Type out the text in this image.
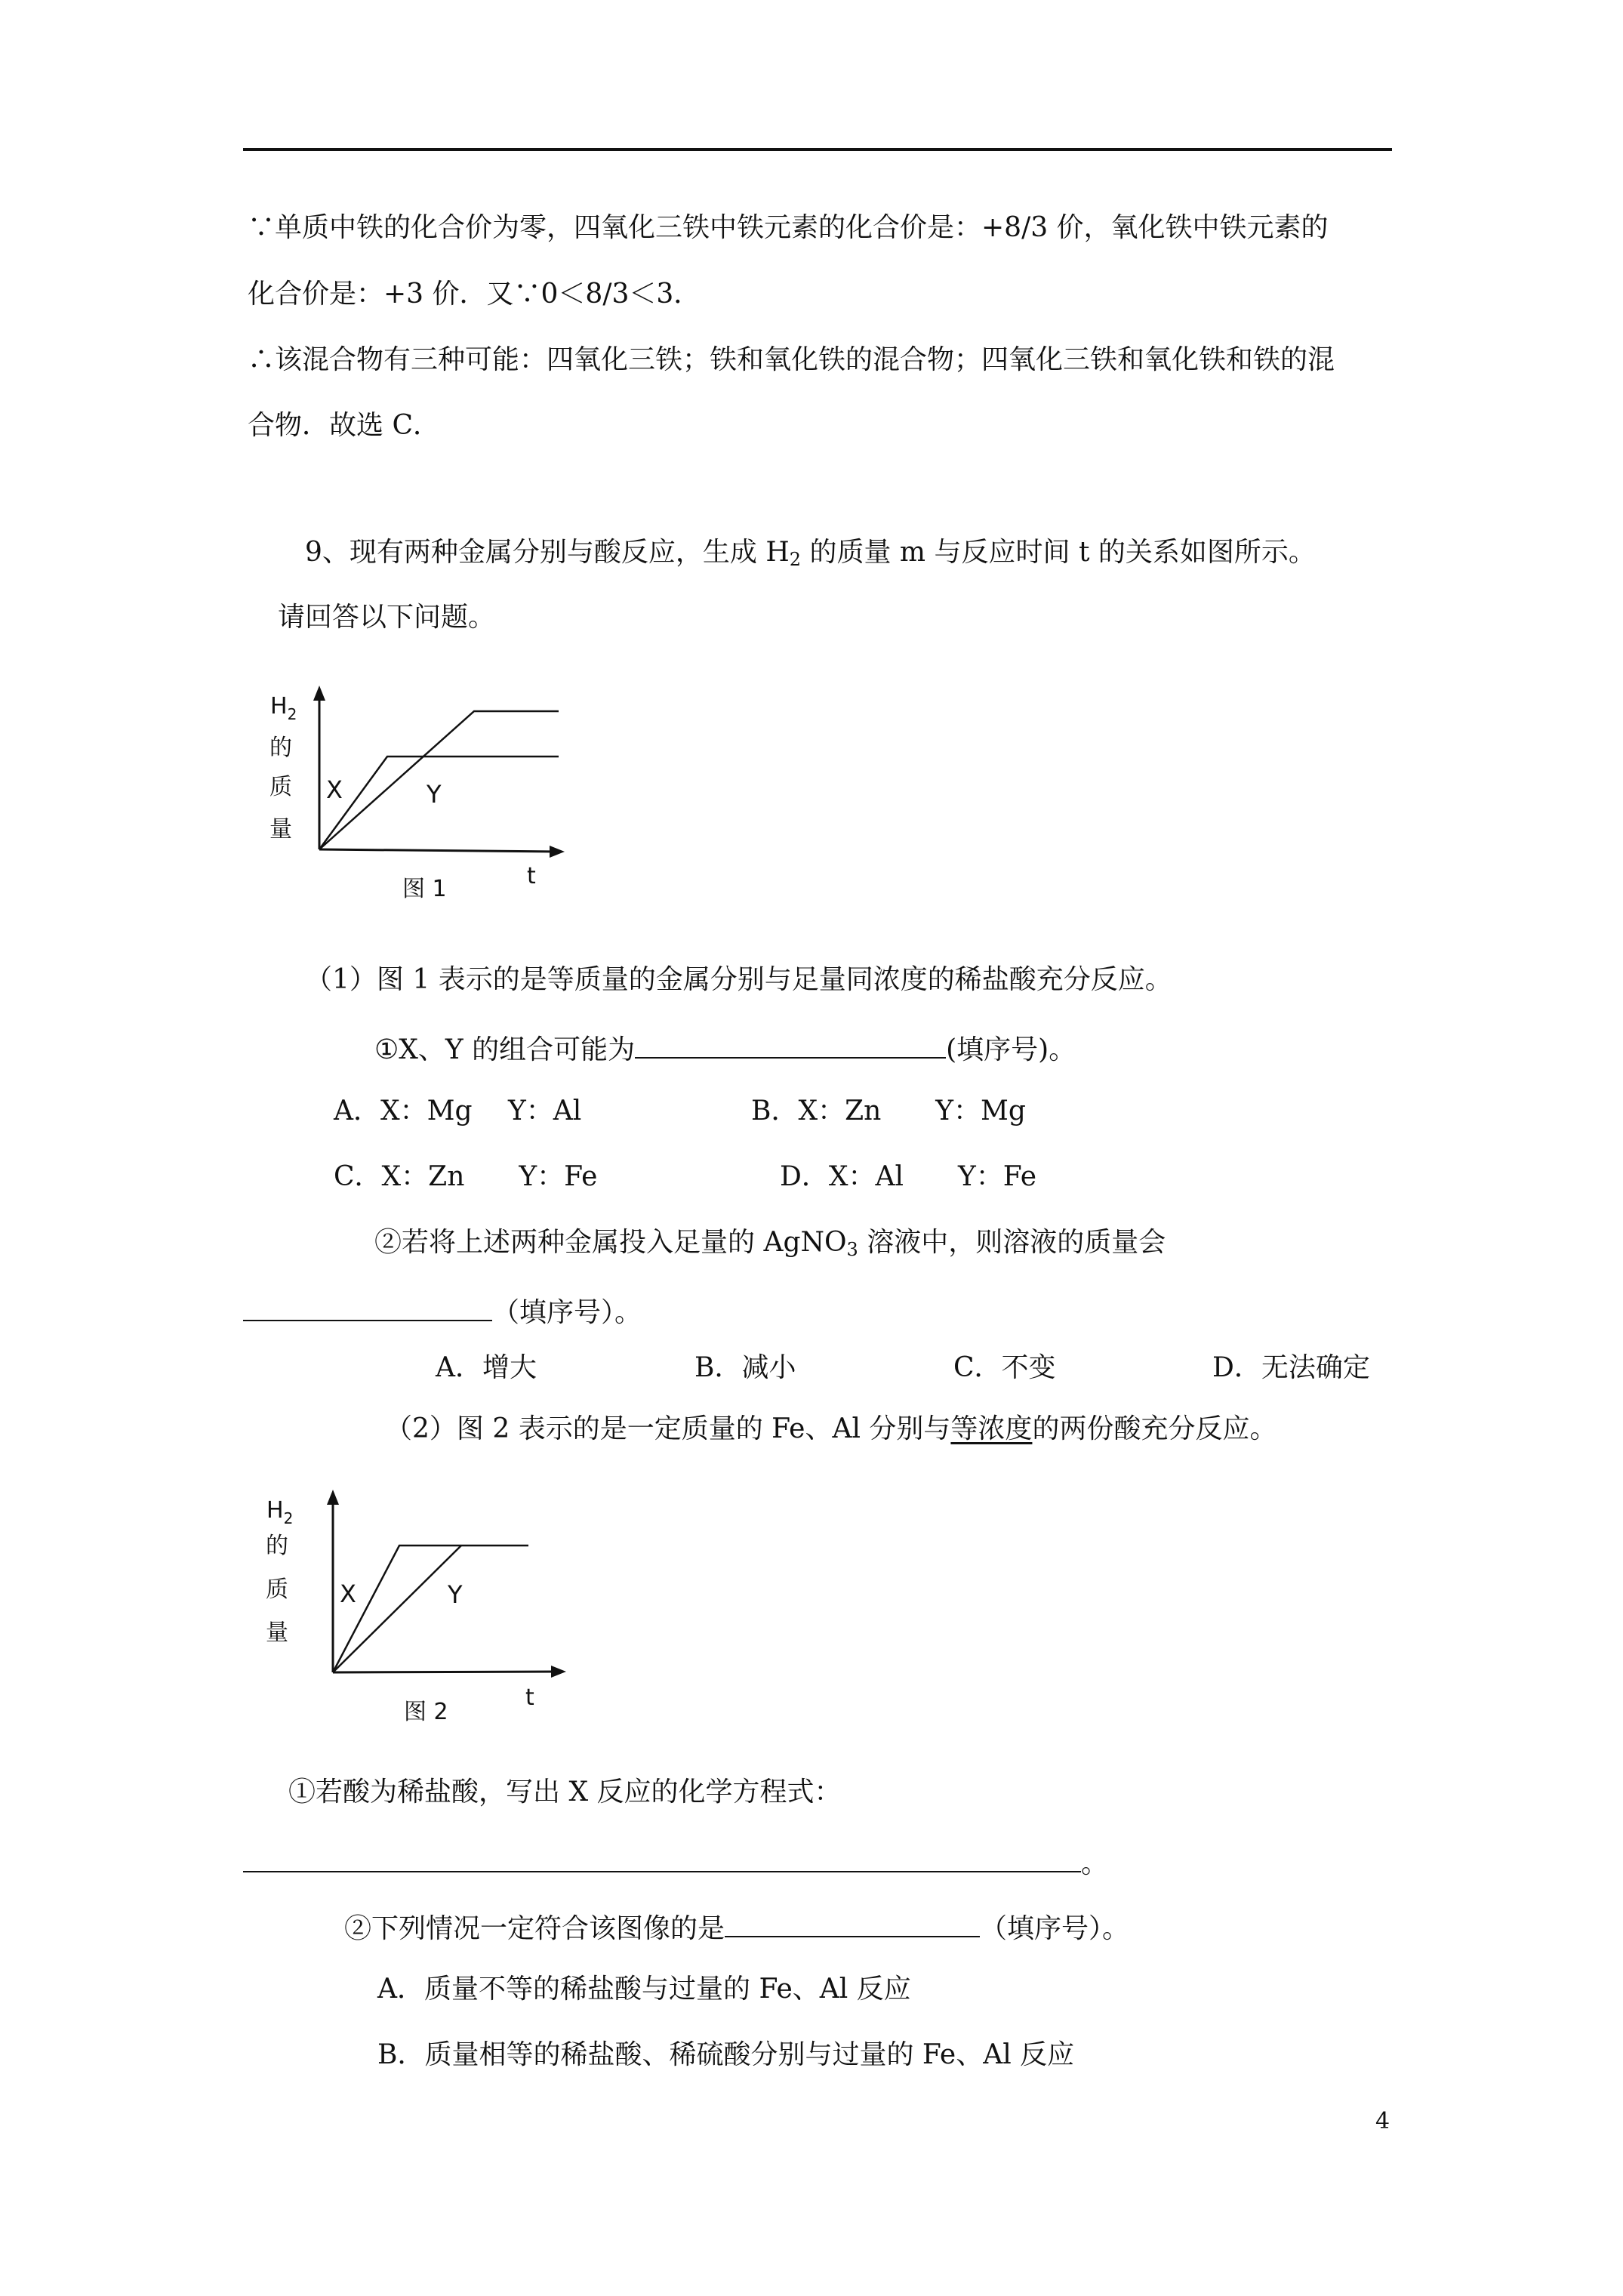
∵单质中铁的化合价为零，四氧化三铁中铁元素的化合价是：+8/3 价，氧化铁中铁元素的
化合价是：+3 价．又∵0＜8/3＜3．
∴该混合物有三种可能：四氧化三铁；铁和氧化铁的混合物；四氧化三铁和氧化铁和铁的混
合物．故选 C．
9、现有两种金属分别与酸反应，生成 $H_2$ 的质量 m 与反应时间 t 的关系如图所示。
请回答以下问题。
$H_2$
的
质
量
X	Y
图 1	t
（1）图 1 表示的是等质量的金属分别与足量同浓度的稀盐酸充分反应。
①X、Y 的组合可能为	(填序号)。
A．X：Mg　 Y：Al	B．X：Zn　　Y：Mg
C．X：Zn　　Y：Fe	D．X：Al　　Y：Fe
②若将上述两种金属投入足量的 AgNO$_3$ 溶液中，则溶液的质量会
（填序号）。
A．增大	B．减小	C．不变	D．无法确定
（2）图 2 表示的是一定质量的 Fe、Al 分别与等浓度的两份酸充分反应。
$H_2$
的
质
量
X	Y
图 2
t
①若酸为稀盐酸，写出 X 反应的化学方程式：
。
②下列情况一定符合该图像的是	（填序号）。
A．质量不等的稀盐酸与过量的 Fe、Al 反应
B．质量相等的稀盐酸、稀硫酸分别与过量的 Fe、Al 反应
4
